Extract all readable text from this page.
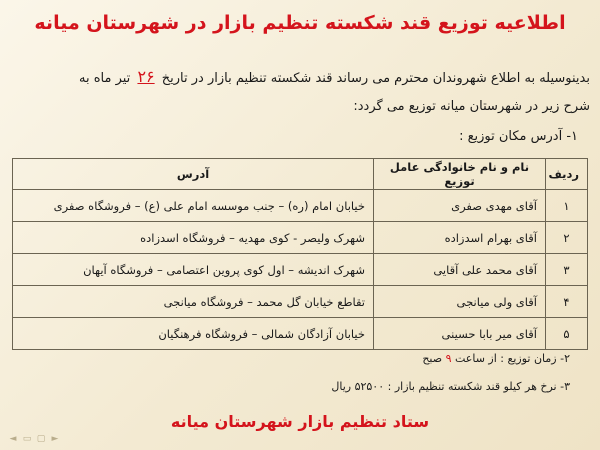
اطلاعیه توزیع قند شکسته تنظیم بازار در شهرستان میانه
بدینوسیله به اطلاع شهروندان محترم می رساند قند شکسته تنظیم بازار در تاریخ ۲۶ تیر ماه به
شرح زیر در شهرستان میانه توزیع می گردد:
۱- آدرس مکان توزیع :
ردیف	نام و نام خانوادگی عامل توزیع	آدرس
۱	آقای مهدی صفری	خیابان امام (ره) – جنب موسسه امام علی (ع) – فروشگاه صفری
۲	آقای بهرام اسدزاده	شهرک ولیصر - کوی مهدیه – فروشگاه اسدزاده
۳	آقای محمد علی آقایی	شهرک اندیشه – اول کوی پروین اعتصامی – فروشگاه آیهان
۴	آقای ولی میانجی	تقاطع خیابان گل محمد – فروشگاه میانجی
۵	آقای میر بابا حسینی	خیابان آزادگان شمالی – فروشگاه فرهنگیان
۲- زمان توزیع : از ساعت ۹ صبح
۳- نرخ هر کیلو قند شکسته تنظیم بازار : ۵۲۵۰۰ ریال
ستاد تنظیم بازار شهرستان میانه
◄ ▭ ▢ ►
